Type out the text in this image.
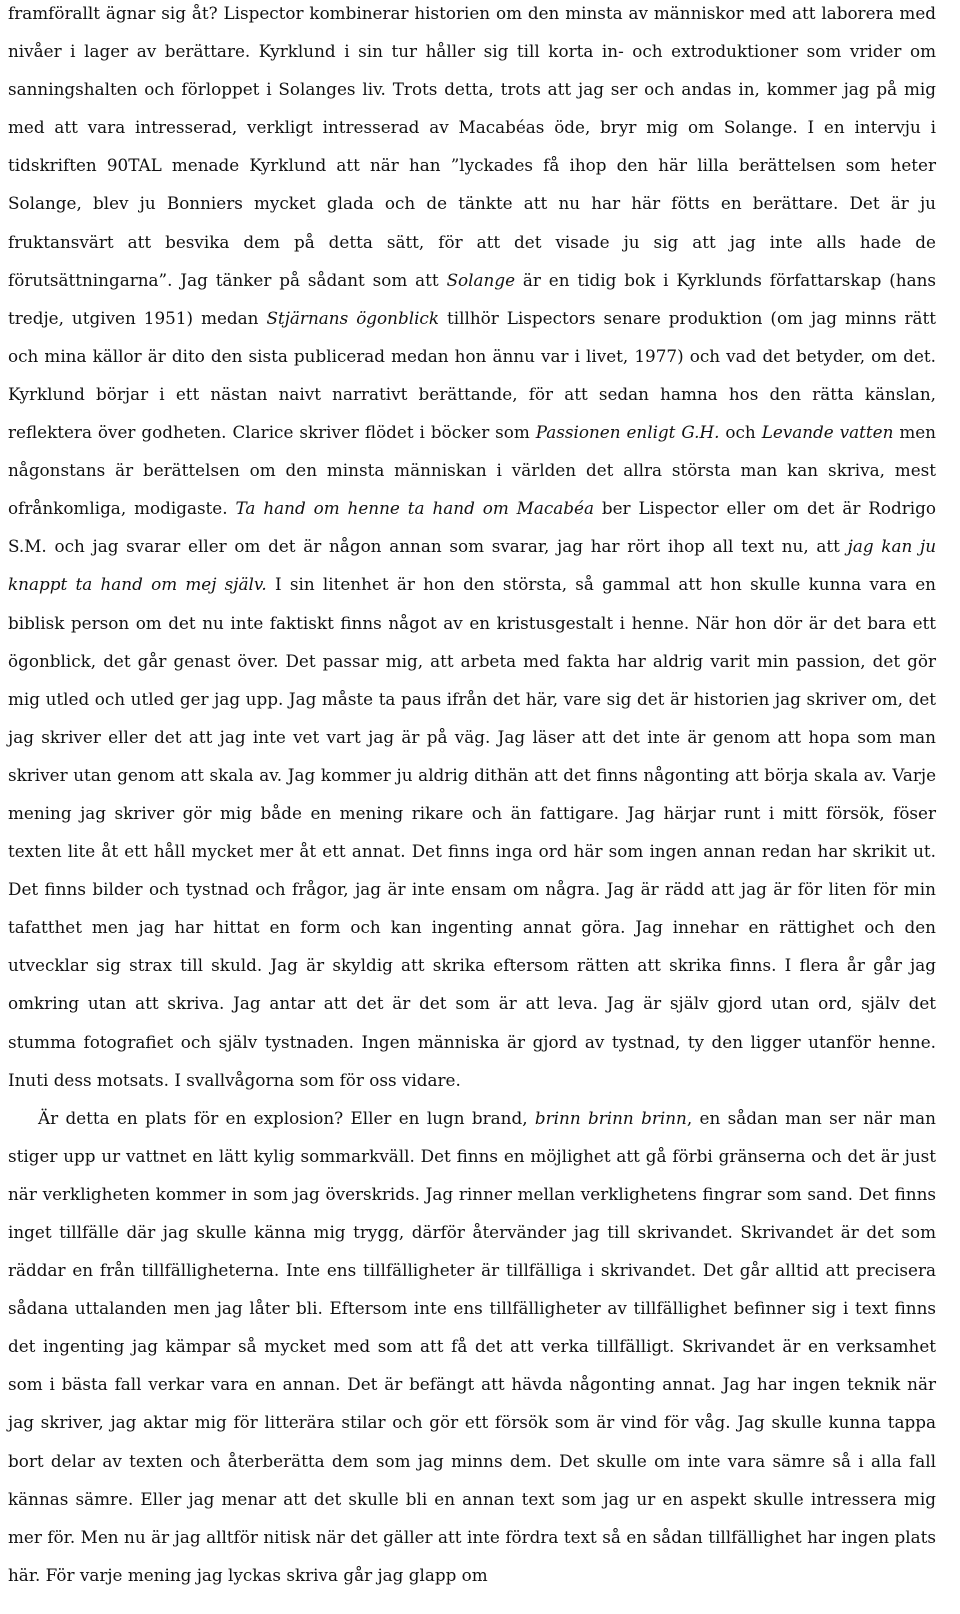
framförallt ägnar sig åt? Lispector kombinerar historien om den minsta av människor med att laborera med nivåer i lager av berättare. Kyrklund i sin tur håller sig till korta in- och extroduktioner som vrider om sanningshalten och förloppet i Solanges liv. Trots detta, trots att jag ser och andas in, kommer jag på mig med att vara intresserad, verkligt intresserad av Macabéas öde, bryr mig om Solange. I en intervju i tidskriften 90TAL menade Kyrklund att när han ”lyckades få ihop den här lilla berättelsen som heter Solange, blev ju Bonniers mycket glada och de tänkte att nu har här fötts en berättare. Det är ju fruktansvärt att besvika dem på detta sätt, för att det visade ju sig att jag inte alls hade de förutsättningarna”. Jag tänker på sådant som att Solange är en tidig bok i Kyrklunds författarskap (hans tredje, utgiven 1951) medan Stjärnans ögonblick tillhör Lispectors senare produktion (om jag minns rätt och mina källor är dito den sista publicerad medan hon ännu var i livet, 1977) och vad det betyder, om det. Kyrklund börjar i ett nästan naivt narrativt berättande, för att sedan hamna hos den rätta känslan, reflektera över godheten. Clarice skriver flödet i böcker som Passionen enligt G.H. och Levande vatten men någonstans är berättelsen om den minsta människan i världen det allra största man kan skriva, mest ofrånkomliga, modigaste. Ta hand om henne ta hand om Macabéa ber Lispector eller om det är Rodrigo S.M. och jag svarar eller om det är någon annan som svarar, jag har rört ihop all text nu, att jag kan ju knappt ta hand om mej själv. I sin litenhet är hon den största, så gammal att hon skulle kunna vara en biblisk person om det nu inte faktiskt finns något av en kristusgestalt i henne. När hon dör är det bara ett ögonblick, det går genast över. Det passar mig, att arbeta med fakta har aldrig varit min passion, det gör mig utled och utled ger jag upp. Jag måste ta paus ifrån det här, vare sig det är historien jag skriver om, det jag skriver eller det att jag inte vet vart jag är på väg. Jag läser att det inte är genom att hopa som man skriver utan genom att skala av. Jag kommer ju aldrig dithän att det finns någonting att börja skala av. Varje mening jag skriver gör mig både en mening rikare och än fattigare. Jag härjar runt i mitt försök, föser texten lite åt ett håll mycket mer åt ett annat. Det finns inga ord här som ingen annan redan har skrikit ut. Det finns bilder och tystnad och frågor, jag är inte ensam om några. Jag är rädd att jag är för liten för min tafatthet men jag har hittat en form och kan ingenting annat göra. Jag innehar en rättighet och den utvecklar sig strax till skuld. Jag är skyldig att skrika eftersom rätten att skrika finns. I flera år går jag omkring utan att skriva. Jag antar att det är det som är att leva. Jag är själv gjord utan ord, själv det stumma fotografiet och själv tystnaden. Ingen människa är gjord av tystnad, ty den ligger utanför henne. Inuti dess motsats. I svallvågorna som för oss vidare.

Är detta en plats för en explosion? Eller en lugn brand, brinn brinn brinn, en sådan man ser när man stiger upp ur vattnet en lätt kylig sommarkväll. Det finns en möjlighet att gå förbi gränserna och det är just när verkligheten kommer in som jag överskrids. Jag rinner mellan verklighetens fingrar som sand. Det finns inget tillfälle där jag skulle känna mig trygg, därför återvänder jag till skrivandet. Skrivandet är det som räddar en från tillfälligheterna. Inte ens tillfälligheter är tillfälliga i skrivandet. Det går alltid att precisera sådana uttalanden men jag låter bli. Eftersom inte ens tillfälligheter av tillfällighet befinner sig i text finns det ingenting jag kämpar så mycket med som att få det att verka tillfälligt. Skrivandet är en verksamhet som i bästa fall verkar vara en annan. Det är befängt att hävda någonting annat. Jag har ingen teknik när jag skriver, jag aktar mig för litterära stilar och gör ett försök som är vind för våg. Jag skulle kunna tappa bort delar av texten och återberätta dem som jag minns dem. Det skulle om inte vara sämre så i alla fall kännas sämre. Eller jag menar att det skulle bli en annan text som jag ur en aspekt skulle intressera mig mer för. Men nu är jag alltför nitisk när det gäller att inte fördra text så en sådan tillfällighet har ingen plats här. För varje mening jag lyckas skriva går jag glapp om
